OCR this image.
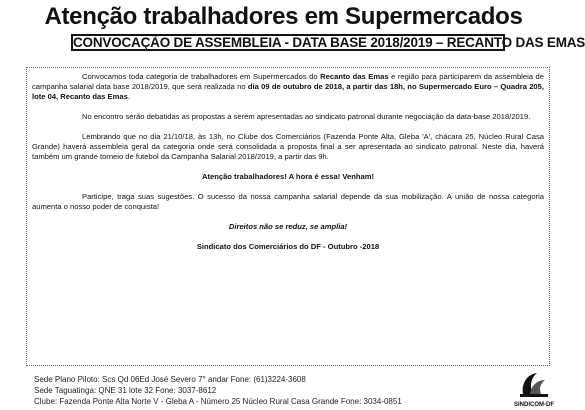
Atenção trabalhadores em Supermercados
CONVOCAÇÃO DE ASSEMBLEIA - DATA BASE 2018/2019 – RECANTO DAS EMAS

Convocamos toda categoria de trabalhadores em Supermercados do Recanto das Emas e região para participarem da assembleia de campanha salarial data base 2018/2019, que será realizada no dia 09 de outubro de 2018, a partir das 18h, no Supermercado Euro – Quadra 205, lote 04, Recanto das Emas.

No encontro serão debatidas as propostas a serem apresentadas ao sindicato patronal durante negociação da data-base 2018/2019.

Lembrando que no dia 21/10/18, às 13h, no Clube dos Comerciários (Fazenda Ponte Alta, Gleba 'A', chácara 25, Núcleo Rural Casa Grande) haverá assembleia geral da categoria onde será consolidada a proposta final a ser apresentada ao sindicato patronal. Neste dia, haverá também um grande torneio de futebol da Campanha Salarial 2018/2019, a partir das 9h.

Atenção trabalhadores! A hora é essa! Venham!

Participe, traga suas sugestões. O sucesso da nossa campanha salarial depende da sua mobilização. A união de nossa categoria aumenta o nosso poder de conquista!

Direitos não se reduz, se amplia!

Sindicato dos Comerciários do DF - Outubro -2018

Sede Plano Piloto: Scs Qd 06Ed José Severo 7° andar Fone: (61)3224-3608
Sede Taguatinga: QNE 31 lote 32 Fone: 3037-8612
Clube: Fazenda Ponte Alta Norte V - Gleba A - Número 25 Núcleo Rural Casa Grande Fone: 3034-0851	SINDICOM-DF
